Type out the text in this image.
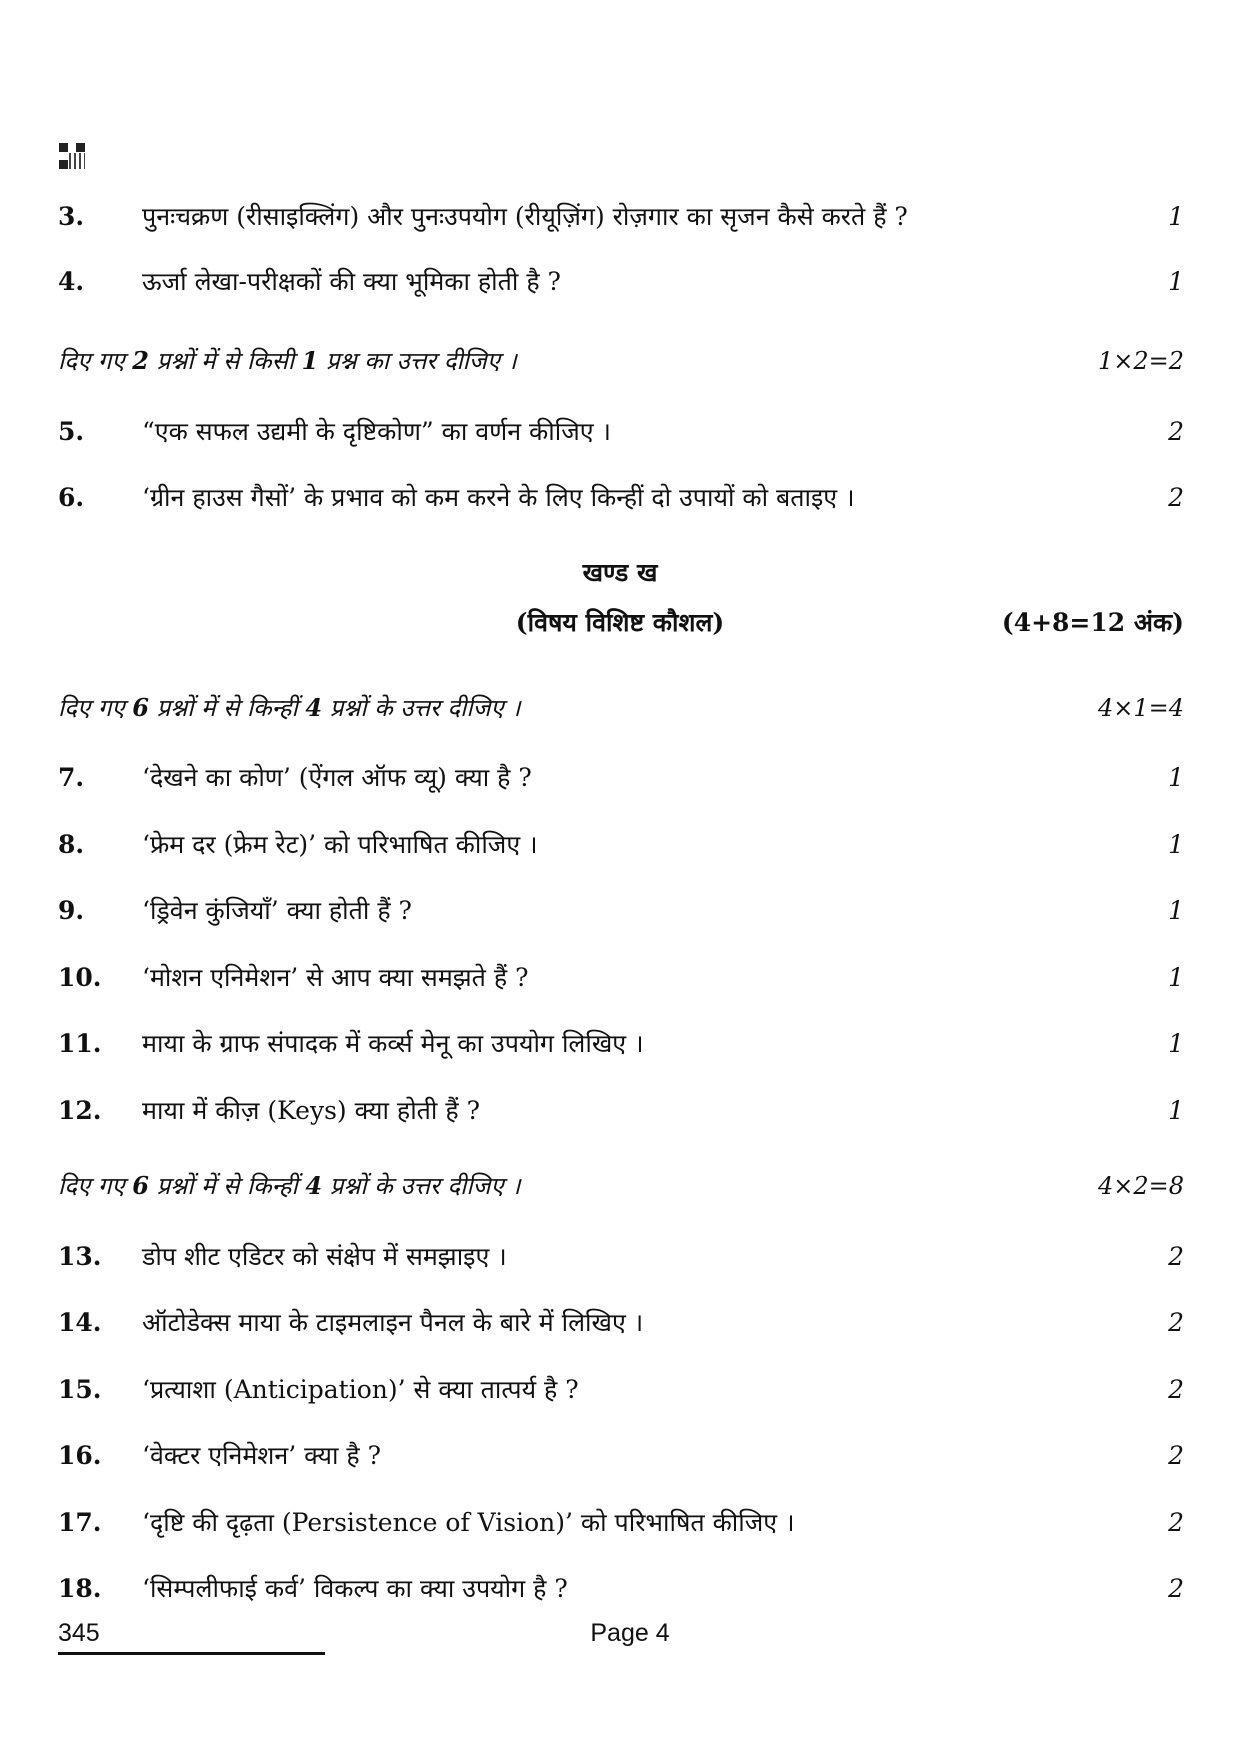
3. पुनःचक्रण (रीसाइक्लिंग) और पुनःउपयोग (रीयूज़िंग) रोज़गार का सृजन कैसे करते हैं ?	1
4. ऊर्जा लेखा-परीक्षकों की क्या भूमिका होती है ?	1
दिए गए 2 प्रश्नों में से किसी 1 प्रश्न का उत्तर दीजिए ।	1×2=2
5. “एक सफल उद्यमी के दृष्टिकोण” का वर्णन कीजिए ।	2
6. ‘ग्रीन हाउस गैसों’ के प्रभाव को कम करने के लिए किन्हीं दो उपायों को बताइए ।	2
खण्ड ख
(विषय विशिष्ट कौशल)	(4+8=12 अंक)
दिए गए 6 प्रश्नों में से किन्हीं 4 प्रश्नों के उत्तर दीजिए ।	4×1=4
7. ‘देखने का कोण’ (ऐंगल ऑफ व्यू) क्या है ?	1
8. ‘फ्रेम दर (फ्रेम रेट)’ को परिभाषित कीजिए ।	1
9. ‘ड्रिवेन कुंजियाँ’ क्या होती हैं ?	1
10. ‘मोशन एनिमेशन’ से आप क्या समझते हैं ?	1
11. माया के ग्राफ संपादक में कर्व्स मेनू का उपयोग लिखिए ।	1
12. माया में कीज़ (Keys) क्या होती हैं ?	1
दिए गए 6 प्रश्नों में से किन्हीं 4 प्रश्नों के उत्तर दीजिए ।	4×2=8
13. डोप शीट एडिटर को संक्षेप में समझाइए ।	2
14. ऑटोडेक्स माया के टाइमलाइन पैनल के बारे में लिखिए ।	2
15. ‘प्रत्याशा (Anticipation)’ से क्या तात्पर्य है ?	2
16. ‘वेक्टर एनिमेशन’ क्या है ?	2
17. ‘दृष्टि की दृढ़ता (Persistence of Vision)’ को परिभाषित कीजिए ।	2
18. ‘सिम्पलीफाई कर्व’ विकल्प का क्या उपयोग है ?	2
345	Page 4
